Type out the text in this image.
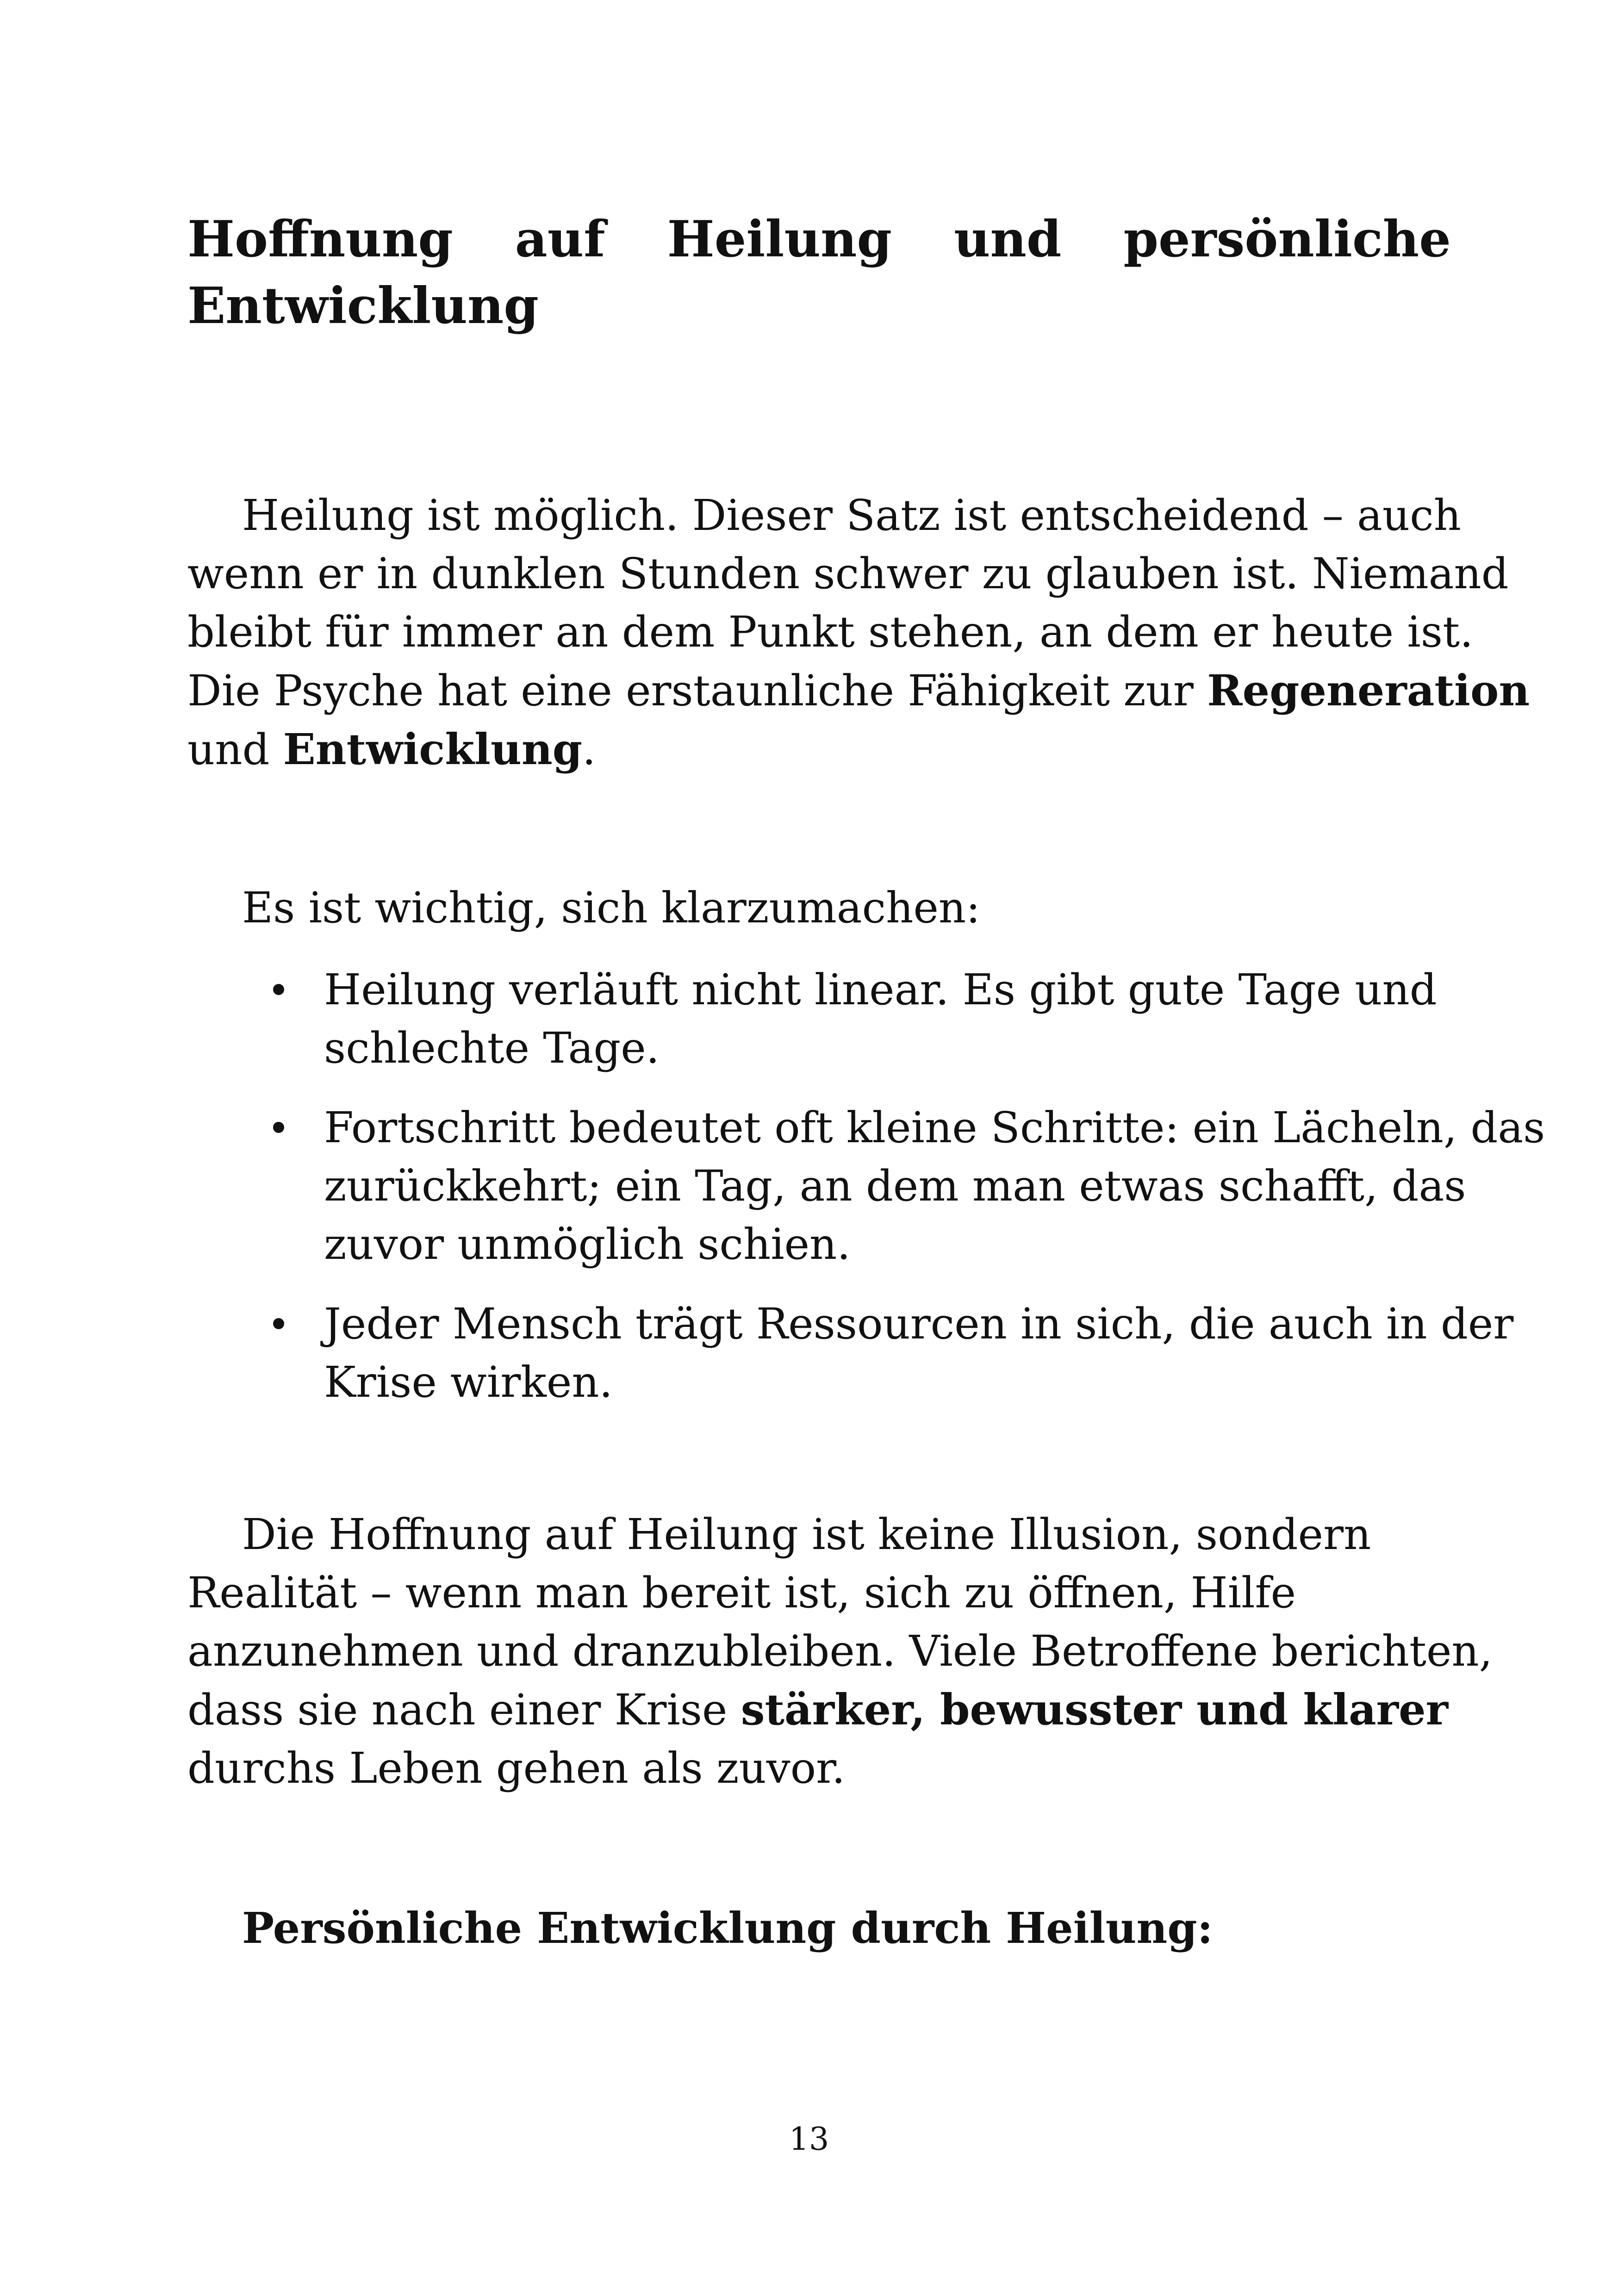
Hoffnung auf Heilung und persönliche
Entwicklung
Heilung ist möglich. Dieser Satz ist entscheidend – auch
wenn er in dunklen Stunden schwer zu glauben ist. Niemand
bleibt für immer an dem Punkt stehen, an dem er heute ist.
Die Psyche hat eine erstaunliche Fähigkeit zur Regeneration
und Entwicklung.

Es ist wichtig, sich klarzumachen:

Heilung verläuft nicht linear. Es gibt gute Tage und
schlechte Tage.
Fortschritt bedeutet oft kleine Schritte: ein Lächeln, das
zurückkehrt; ein Tag, an dem man etwas schafft, das
zuvor unmöglich schien.
Jeder Mensch trägt Ressourcen in sich, die auch in der
Krise wirken.
Die Hoffnung auf Heilung ist keine Illusion, sondern
Realität – wenn man bereit ist, sich zu öffnen, Hilfe
anzunehmen und dranzubleiben. Viele Betroffene berichten,
dass sie nach einer Krise stärker, bewusster und klarer
durchs Leben gehen als zuvor.
Persönliche Entwicklung durch Heilung:
13
